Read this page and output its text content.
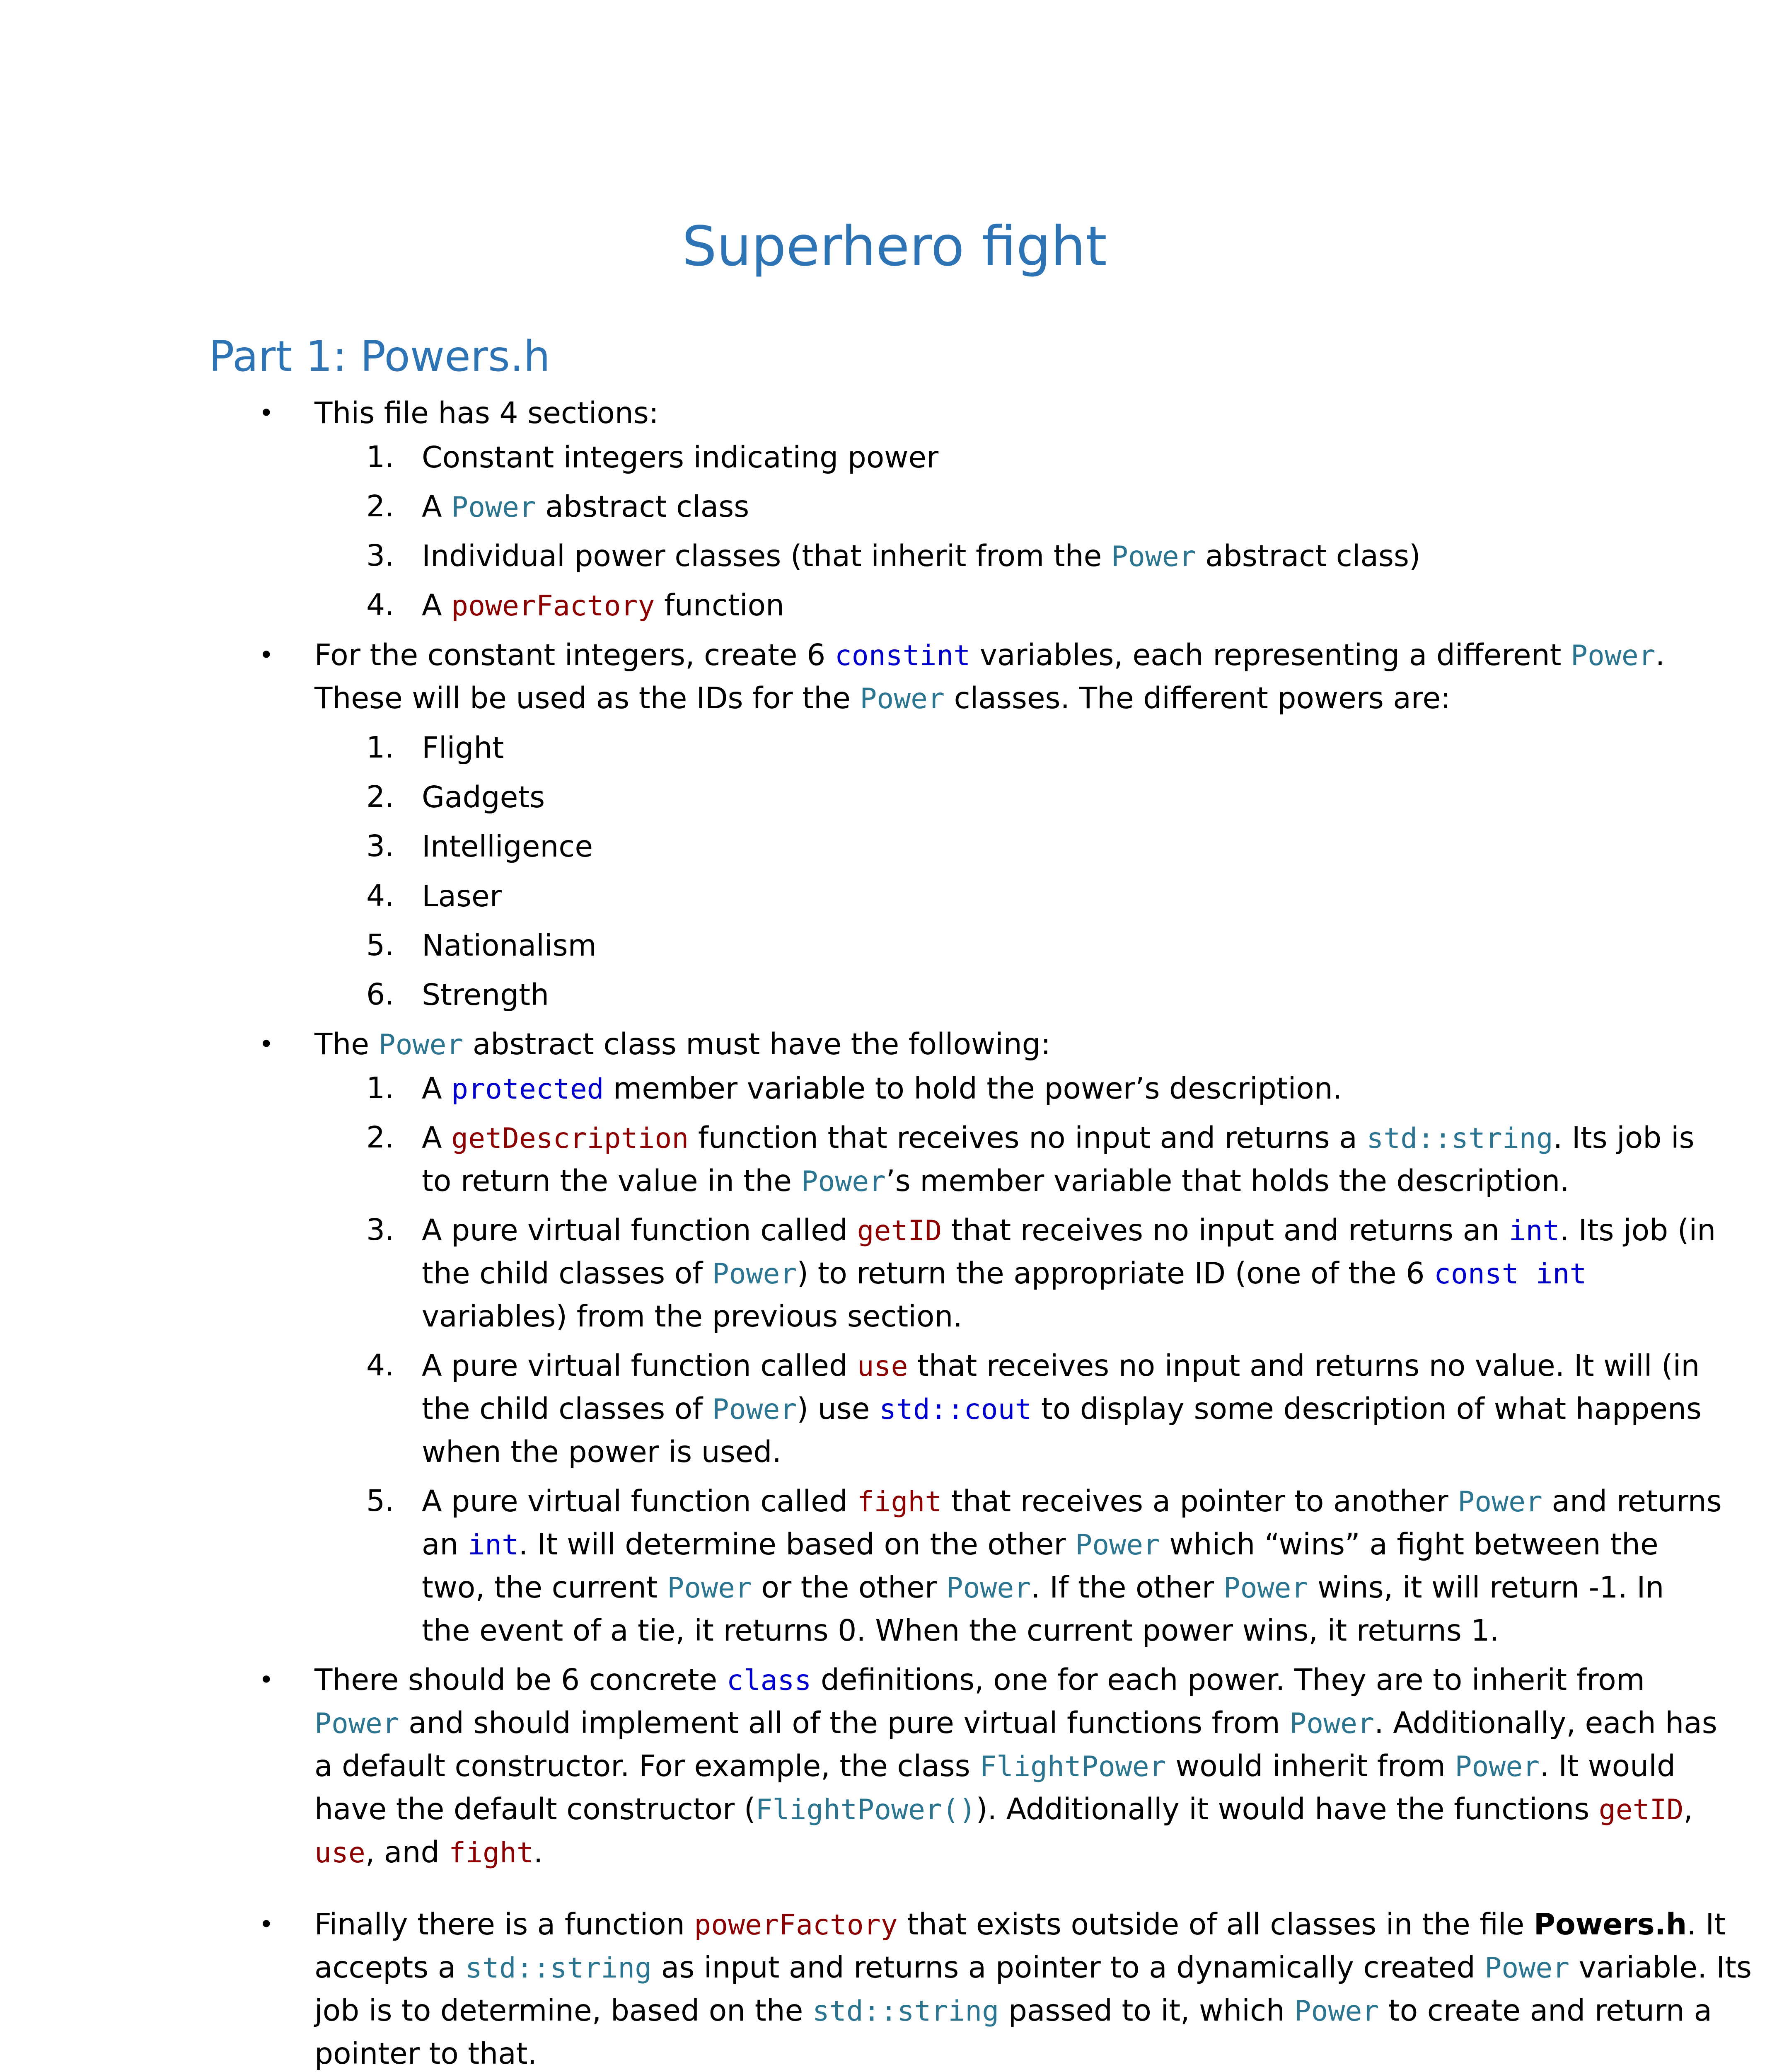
Superhero fight
Part 1: Powers.h
•	This file has 4 sections:
1. Constant integers indicating power
2. A Power abstract class
3. Individual power classes (that inherit from the Power abstract class)
4. A powerFactory function
•	For the constant integers, create 6 constint variables, each representing a different Power.
These will be used as the IDs for the Power classes. The different powers are:
1. Flight
2. Gadgets
3. Intelligence
4. Laser
5. Nationalism
6. Strength
•	The Power abstract class must have the following:
1. A protected member variable to hold the power’s description.
2. A getDescription function that receives no input and returns a std::string. Its job is
to return the value in the Power’s member variable that holds the description.
3. A pure virtual function called getID that receives no input and returns an int. Its job (in
the child classes of Power) to return the appropriate ID (one of the 6 const int
variables) from the previous section.
4. A pure virtual function called use that receives no input and returns no value. It will (in
the child classes of Power) use std::cout to display some description of what happens
when the power is used.
5. A pure virtual function called fight that receives a pointer to another Power and returns
an int. It will determine based on the other Power which “wins” a fight between the
two, the current Power or the other Power. If the other Power wins, it will return -1. In
the event of a tie, it returns 0. When the current power wins, it returns 1.
•	There should be 6 concrete class definitions, one for each power. They are to inherit from
Power and should implement all of the pure virtual functions from Power. Additionally, each has
a default constructor. For example, the class FlightPower would inherit from Power. It would
have the default constructor (FlightPower()). Additionally it would have the functions getID,
use, and fight.
•	Finally there is a function powerFactory that exists outside of all classes in the file Powers.h. It
accepts a std::string as input and returns a pointer to a dynamically created Power variable. Its
job is to determine, based on the std::string passed to it, which Power to create and return a
pointer to that.
